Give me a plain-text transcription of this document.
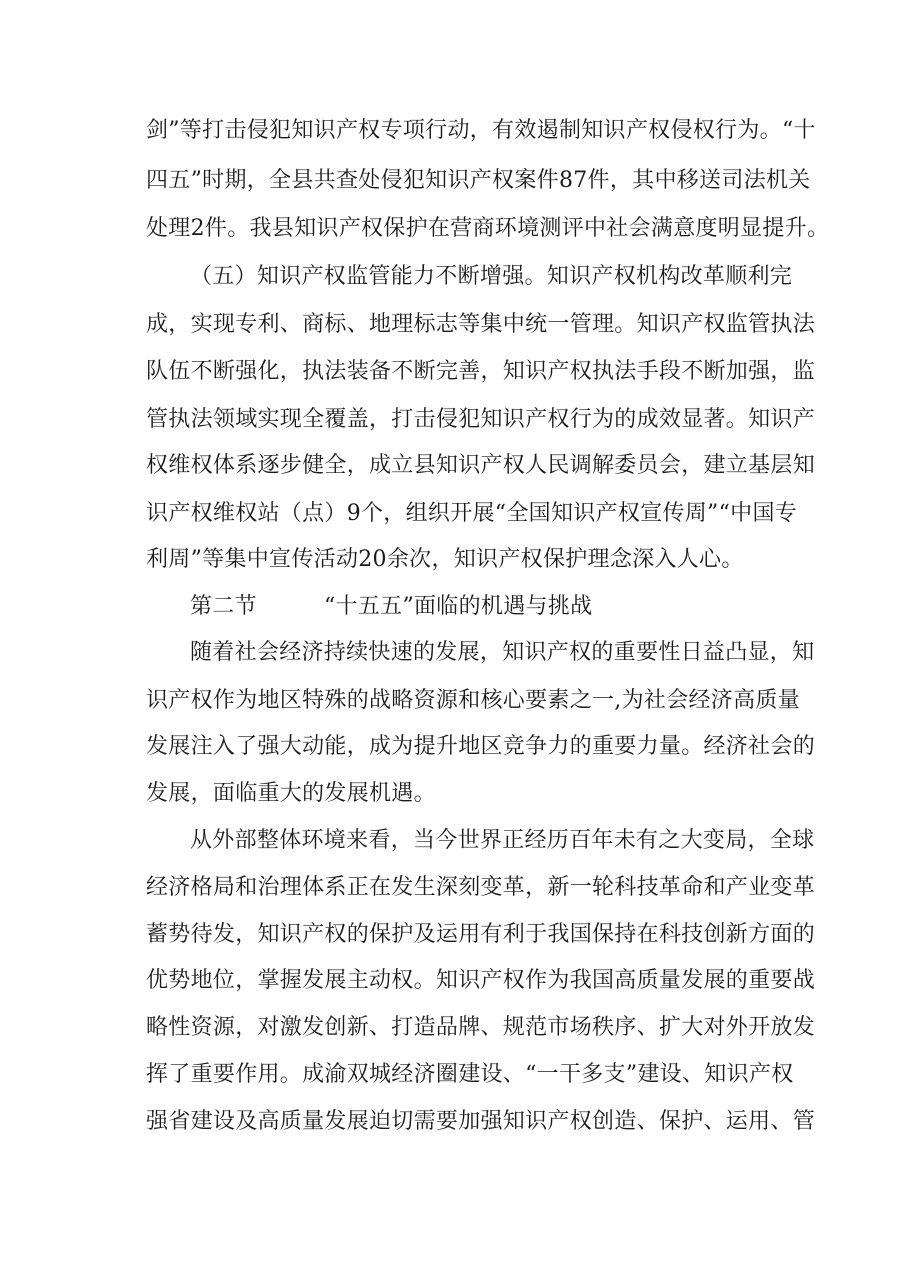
剑”等打击侵犯知识产权专项行动，有效遏制知识产权侵权行为。“十
四五”时期，全县共查处侵犯知识产权案件87件，其中移送司法机关
处理2件。我县知识产权保护在营商环境测评中社会满意度明显提升。
（五）知识产权监管能力不断增强。知识产权机构改革顺利完
成，实现专利、商标、地理标志等集中统一管理。知识产权监管执法
队伍不断强化，执法装备不断完善，知识产权执法手段不断加强，监
管执法领域实现全覆盖，打击侵犯知识产权行为的成效显著。知识产
权维权体系逐步健全，成立县知识产权人民调解委员会，建立基层知
识产权维权站（点）9个，组织开展“全国知识产权宣传周”“中国专
利周”等集中宣传活动20余次，知识产权保护理念深入人心。
第二节	“十五五”面临的机遇与挑战
随着社会经济持续快速的发展，知识产权的重要性日益凸显，知
识产权作为地区特殊的战略资源和核心要素之一,为社会经济高质量
发展注入了强大动能，成为提升地区竞争力的重要力量。经济社会的
发展，面临重大的发展机遇。
从外部整体环境来看，当今世界正经历百年未有之大变局，全球
经济格局和治理体系正在发生深刻变革，新一轮科技革命和产业变革
蓄势待发，知识产权的保护及运用有利于我国保持在科技创新方面的
优势地位，掌握发展主动权。知识产权作为我国高质量发展的重要战
略性资源，对激发创新、打造品牌、规范市场秩序、扩大对外开放发
挥了重要作用。成渝双城经济圈建设、“一干多支”建设、知识产权
强省建设及高质量发展迫切需要加强知识产权创造、保护、运用、管
